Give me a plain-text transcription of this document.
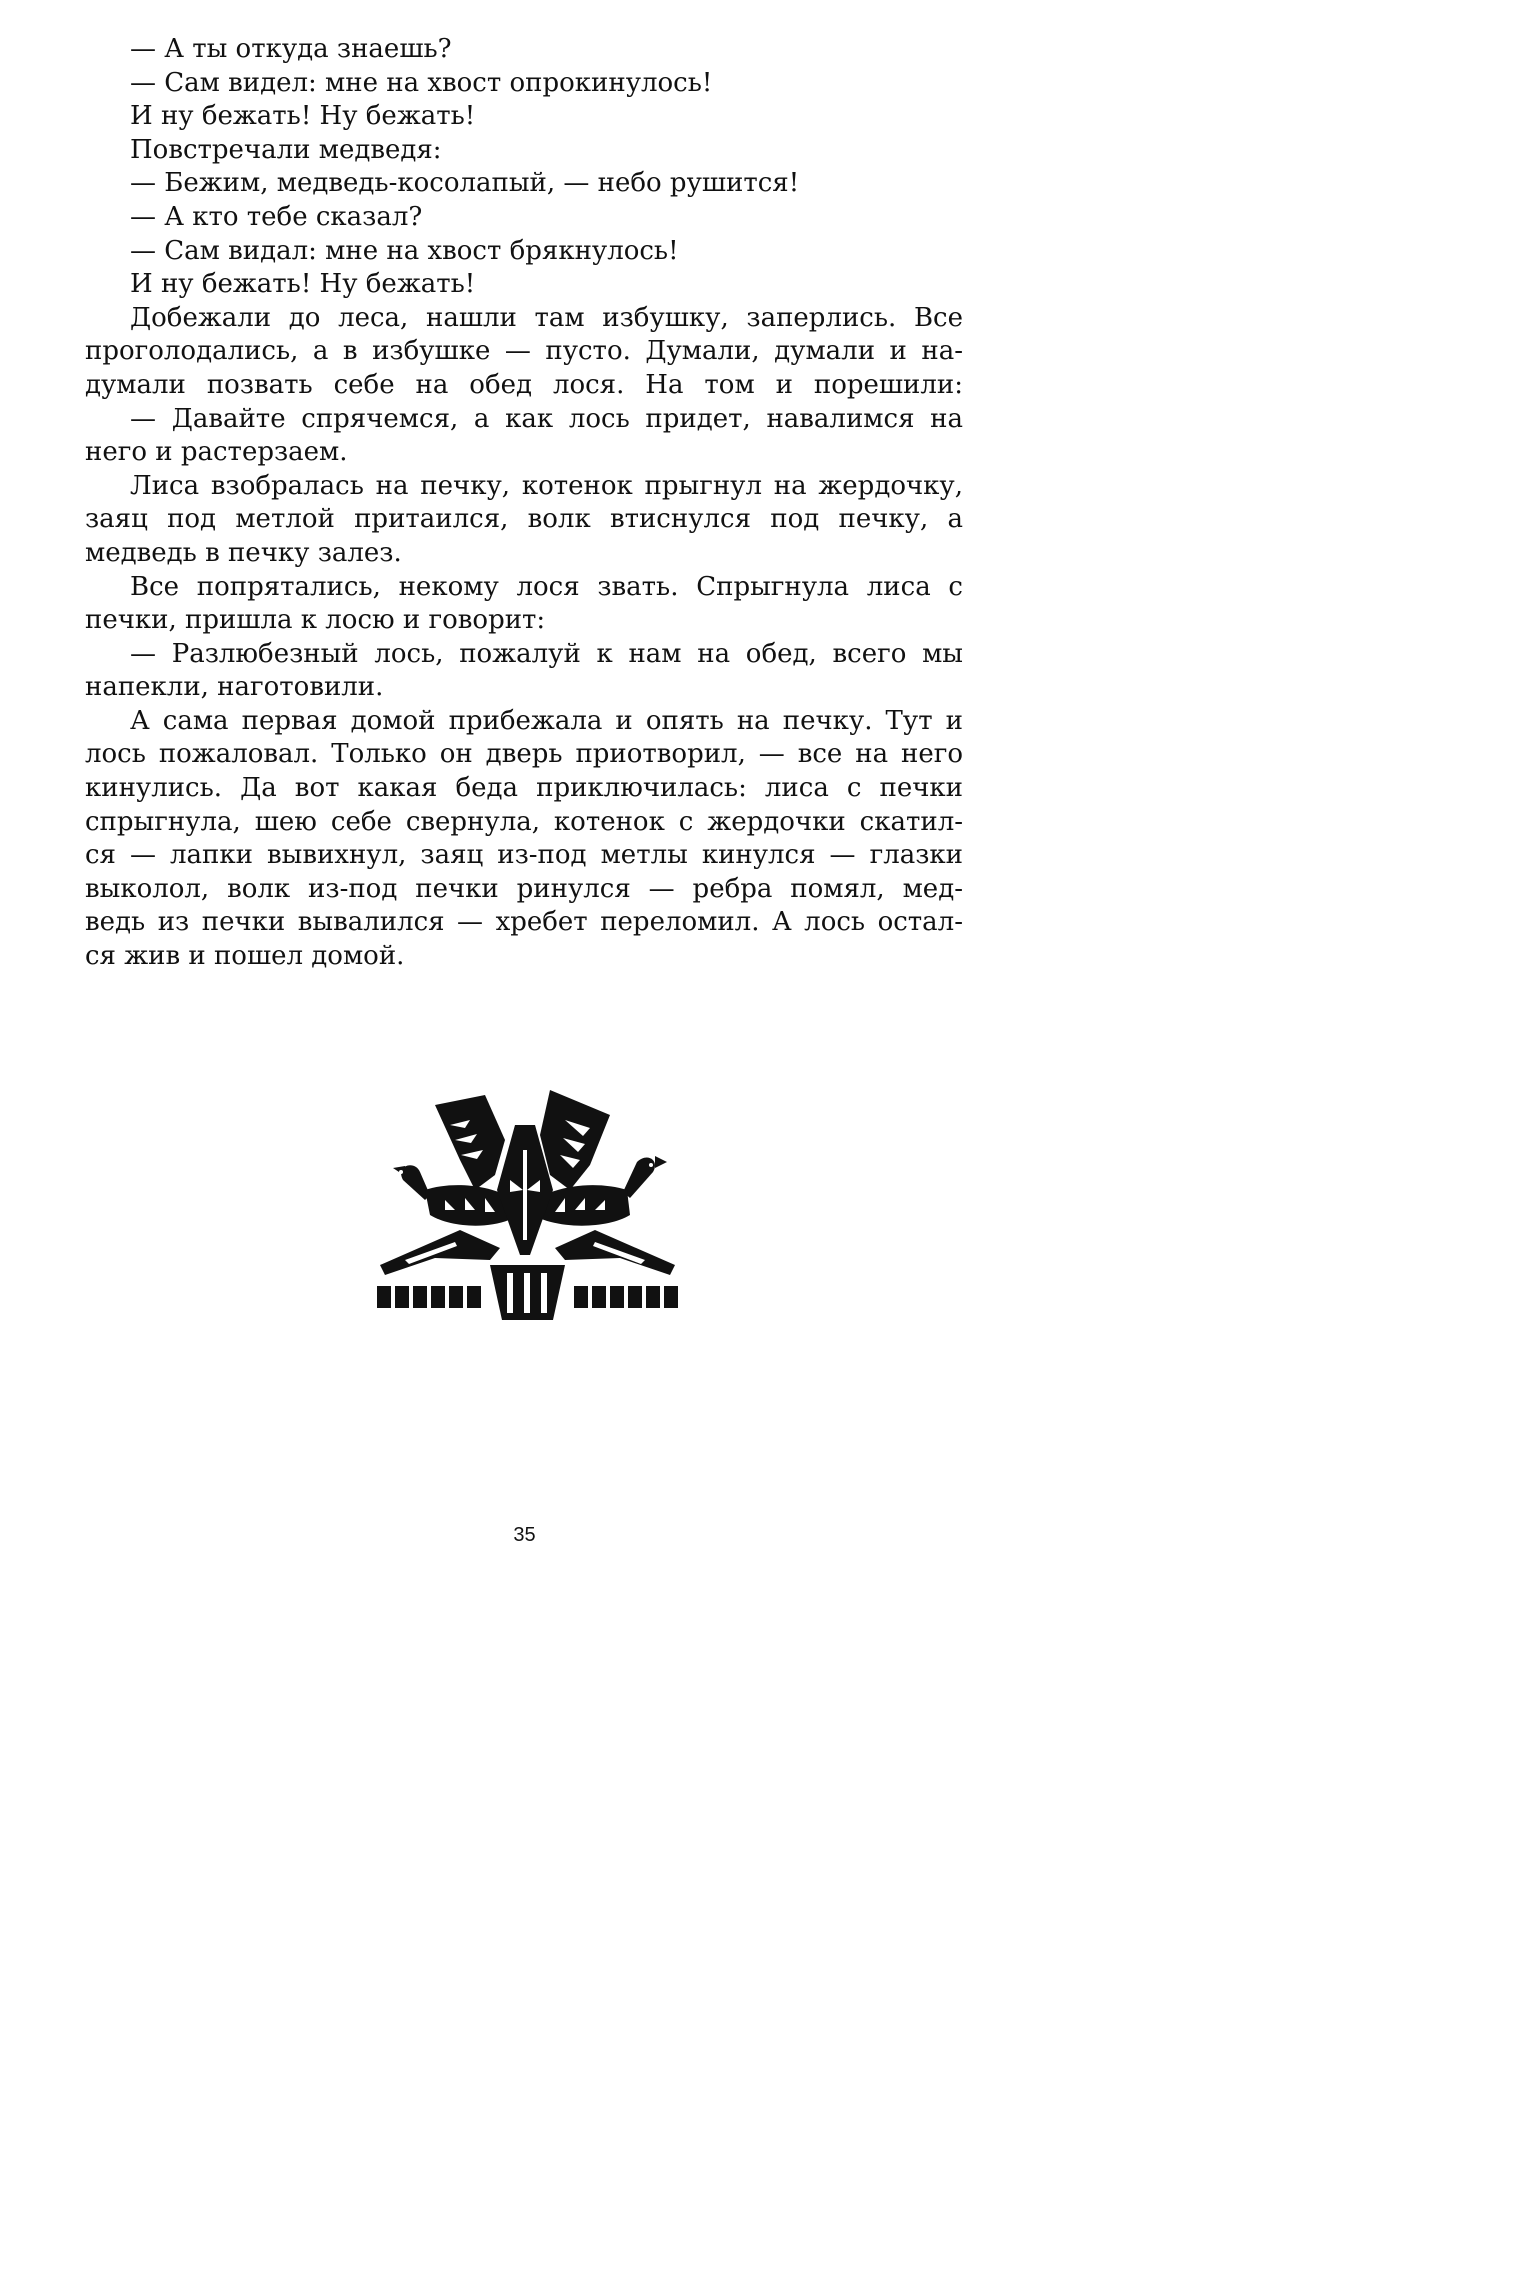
— А ты откуда знаешь?
— Сам видел: мне на хвост опрокинулось!
И ну бежать! Ну бежать!
Повстречали медведя:
— Бежим, медведь-косолапый, — небо рушится!
— А кто тебе сказал?
— Сам видал: мне на хвост брякнулось!
И ну бежать! Ну бежать!
Добежали до леса, нашли там избушку, заперлись. Все
проголодались, а в избушке — пусто. Думали, думали и на-
думали позвать себе на обед лося. На том и порешили:
— Давайте спрячемся, а как лось придет, навалимся на
него и растерзаем.
Лиса взобралась на печку, котенок прыгнул на жердочку,
заяц под метлой притаился, волк втиснулся под печку, а
медведь в печку залез.
Все попрятались, некому лося звать. Спрыгнула лиса с
печки, пришла к лосю и говорит:
— Разлюбезный лось, пожалуй к нам на обед, всего мы
напекли, наготовили.
А сама первая домой прибежала и опять на печку. Тут и
лось пожаловал. Только он дверь приотворил, — все на него
кинулись. Да вот какая беда приключилась: лиса с печки
спрыгнула, шею себе свернула, котенок с жердочки скатил-
ся — лапки вывихнул, заяц из-под метлы кинулся — глазки
выколол, волк из-под печки ринулся — ребра помял, мед-
ведь из печки вывалился — хребет переломил. А лось остал-
ся жив и пошел домой.
35
